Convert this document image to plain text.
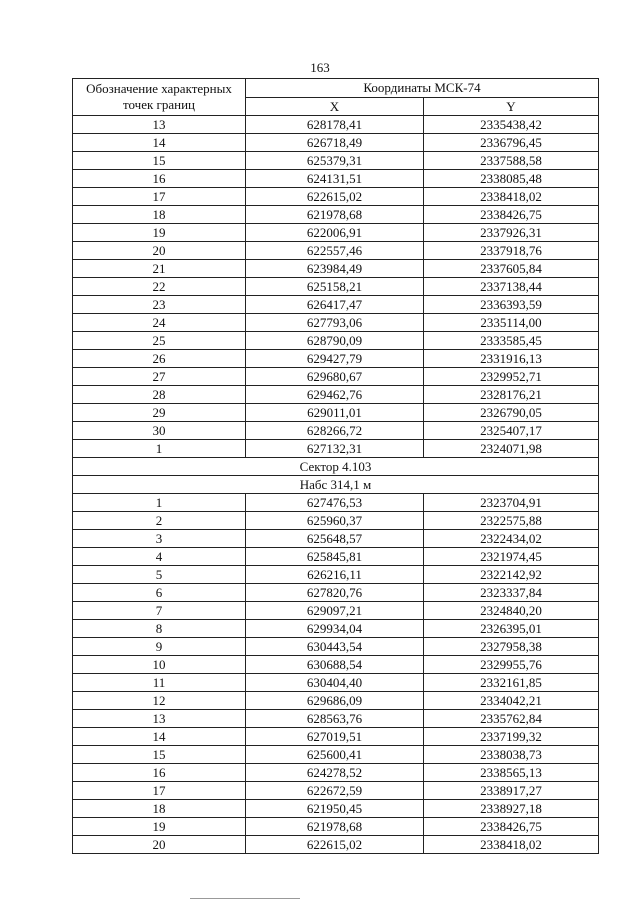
163
Обозначение характерных точек границ	Координаты МСК-74	
	X	Y
13	628178,41	2335438,42
14	626718,49	2336796,45
15	625379,31	2337588,58
16	624131,51	2338085,48
17	622615,02	2338418,02
18	621978,68	2338426,75
19	622006,91	2337926,31
20	622557,46	2337918,76
21	623984,49	2337605,84
22	625158,21	2337138,44
23	626417,47	2336393,59
24	627793,06	2335114,00
25	628790,09	2333585,45
26	629427,79	2331916,13
27	629680,67	2329952,71
28	629462,76	2328176,21
29	629011,01	2326790,05
30	628266,72	2325407,17
1	627132,31	2324071,98
Сектор 4.103		
Набс 314,1 м		
1	627476,53	2323704,91
2	625960,37	2322575,88
3	625648,57	2322434,02
4	625845,81	2321974,45
5	626216,11	2322142,92
6	627820,76	2323337,84
7	629097,21	2324840,20
8	629934,04	2326395,01
9	630443,54	2327958,38
10	630688,54	2329955,76
11	630404,40	2332161,85
12	629686,09	2334042,21
13	628563,76	2335762,84
14	627019,51	2337199,32
15	625600,41	2338038,73
16	624278,52	2338565,13
17	622672,59	2338917,27
18	621950,45	2338927,18
19	621978,68	2338426,75
20	622615,02	2338418,02
